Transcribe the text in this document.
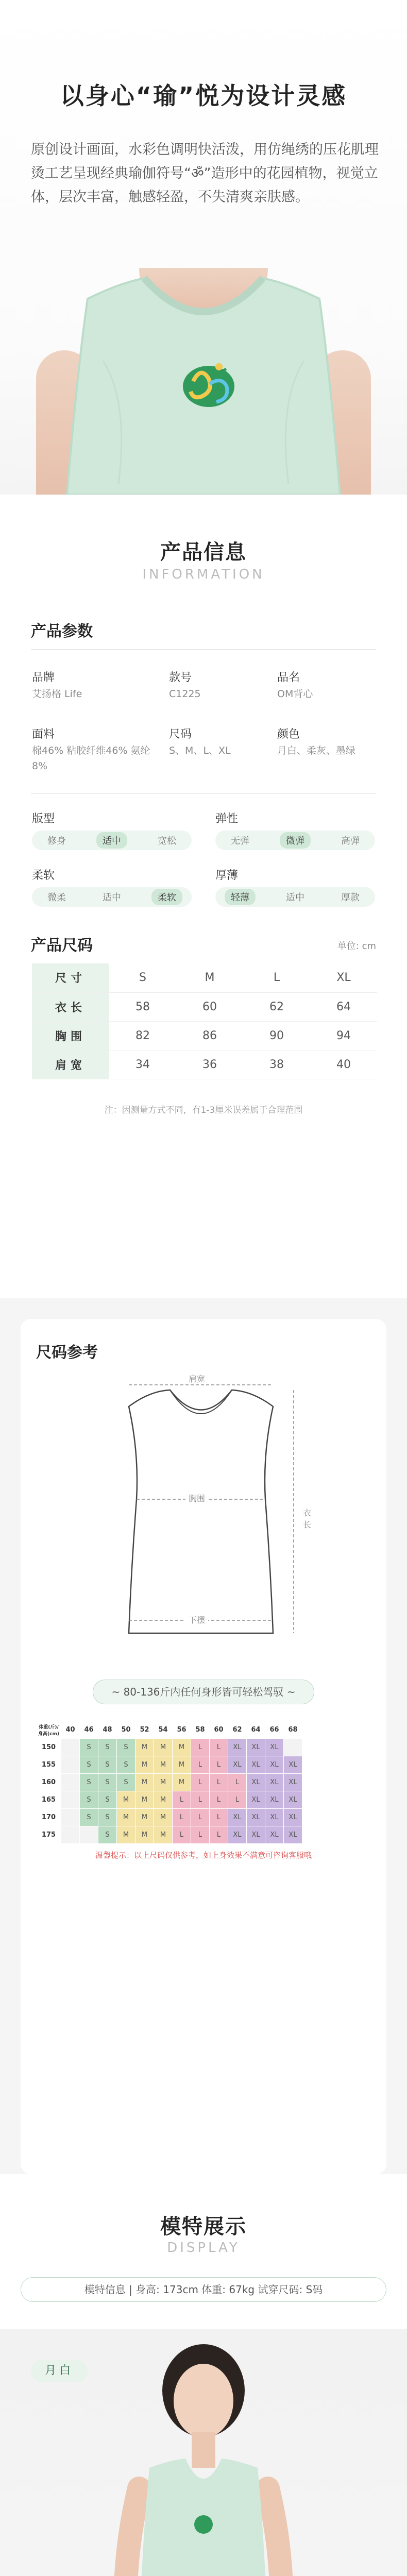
以身心“瑜”悦为设计灵感
原创设计画面，水彩色调明快活泼，用仿绳绣的压花肌理烫工艺呈现经典瑜伽符号“ॐ”造形中的花园植物，视觉立体，层次丰富，触感轻盈，不失清爽亲肤感。
产品信息
INFORMATION
产品参数
品牌
艾扬格 Life
款号
C1225
品名
OM背心
面料
棉46% 粘胶纤维46% 氨纶8%
尺码
S、M、L、XL
颜色
月白、柔灰、墨绿
版型
修身	适中	宽松
弹性
无弹	微弹	高弹
柔软
微柔	适中	柔软
厚薄
轻薄	适中	厚款
产品尺码	单位: cm
尺寸	S	M	L	XL
衣长	58	60	62	64
胸围	82	86	90	94
肩宽	34	36	38	40
注：因测量方式不同，有1-3厘米误差属于合理范围
尺码参考
肩宽
胸围
下摆
衣长
~ 80-136斤内任何身形皆可轻松驾驭 ~
体重(斤)/身高(cm)	40	46	48	50	52	54	56	58	60	62	64	66	68
150		S	S	S	M	M	M	L	L	XL	XL	XL	
155		S	S	S	M	M	M	L	L	XL	XL	XL	XL
160		S	S	S	M	M	M	L	L	L	XL	XL	XL
165		S	S	M	M	M	L	L	L	L	XL	XL	XL
170		S	S	M	M	M	L	L	L	XL	XL	XL	XL
175			S	M	M	M	L	L	L	XL	XL	XL	XL
温馨提示：以上尺码仅供参考，如上身效果不满意可咨询客服哦
模特展示
DISPLAY
模特信息 | 身高: 173cm 体重: 67kg 试穿尺码: S码
月白
